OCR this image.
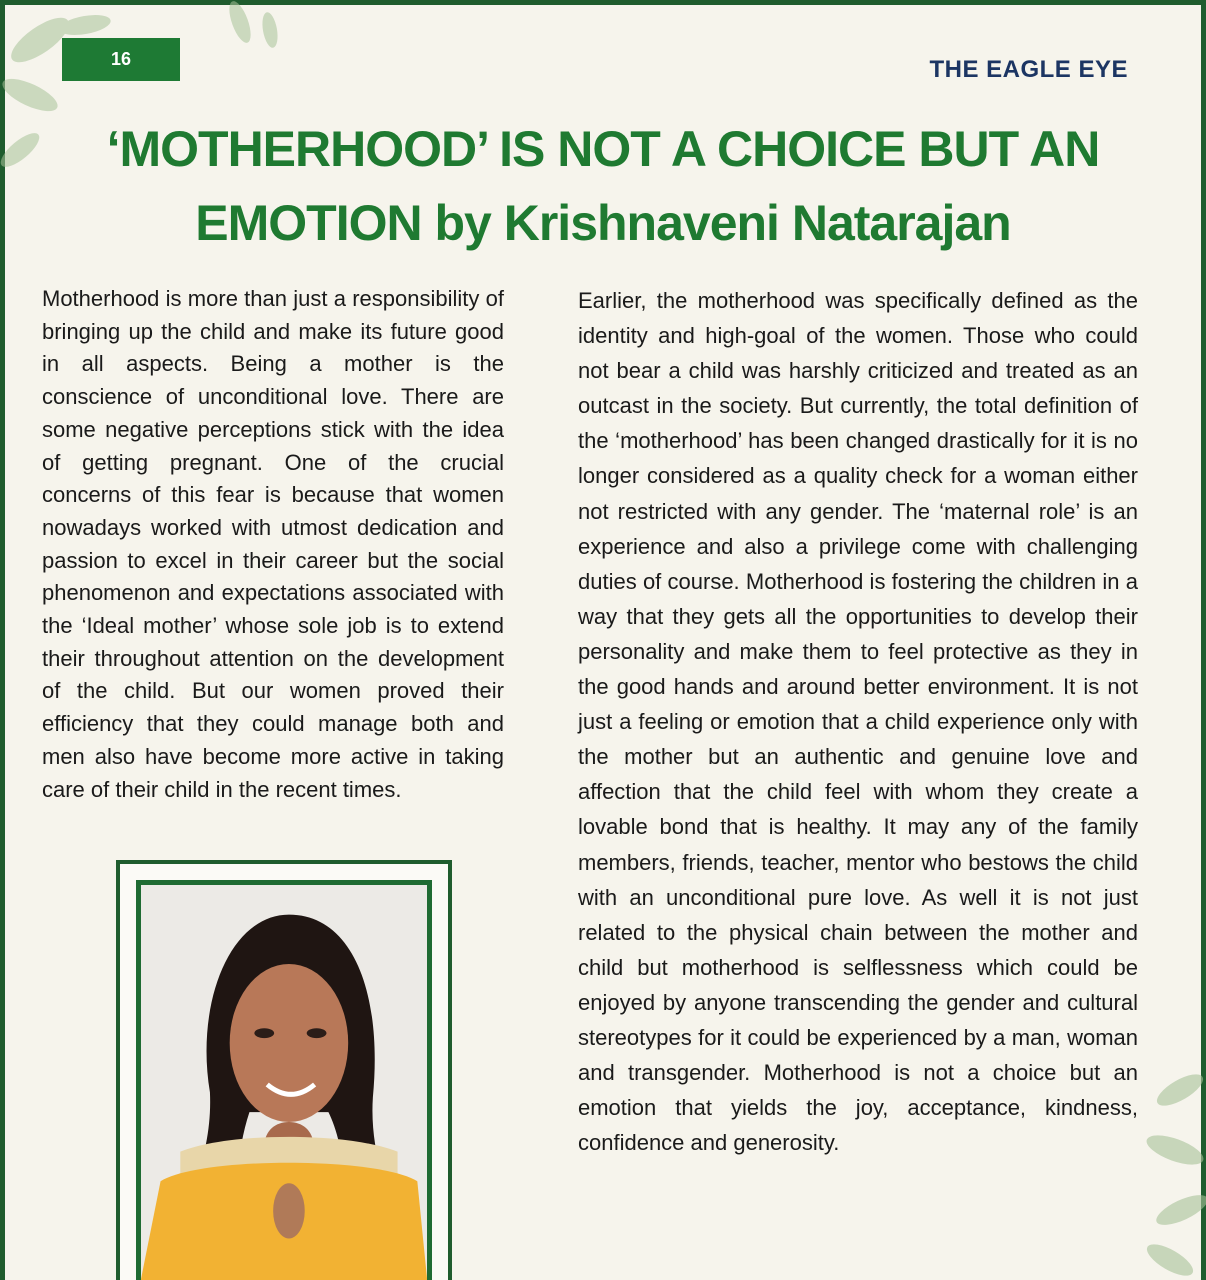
16	THE EAGLE EYE
‘MOTHERHOOD’ IS NOT A CHOICE BUT AN EMOTION by Krishnaveni Natarajan
Motherhood is more than just a responsibility of bringing up the child and make its future good in all aspects. Being a mother is the conscience of unconditional love. There are some negative perceptions stick with the idea of getting pregnant. One of the crucial concerns of this fear is because that women nowadays worked with utmost dedication and passion to excel in their career but the social phenomenon and expectations associated with the ‘Ideal mother’ whose sole job is to extend their throughout attention on the development of the child. But our women proved their efficiency that they could manage both and men also have become more active in taking care of their child in the recent times.
Earlier, the motherhood was specifically defined as the identity and high-goal of the women. Those who could not bear a child was harshly criticized and treated as an outcast in the society. But currently, the total definition of the ‘motherhood’ has been changed drastically for it is no longer considered as a quality check for a woman either not restricted with any gender. The ‘maternal role’ is an experience and also a privilege come with challenging duties of course. Motherhood is fostering the children in a way that they gets all the opportunities to develop their personality and make them to feel protective as they in the good hands and around better environment. It is not just a feeling or emotion that a child experience only with the mother but an authentic and genuine love and affection that the child feel with whom they create a lovable bond that is healthy. It may any of the family members, friends, teacher, mentor who bestows the child with an unconditional pure love. As well it is not just related to the physical chain between the mother and child but motherhood is selflessness which could be enjoyed by anyone transcending the gender and cultural stereotypes for it could be experienced by a man, woman and transgender. Motherhood is not a choice but an emotion that yields the joy, acceptance, kindness, confidence and generosity.
